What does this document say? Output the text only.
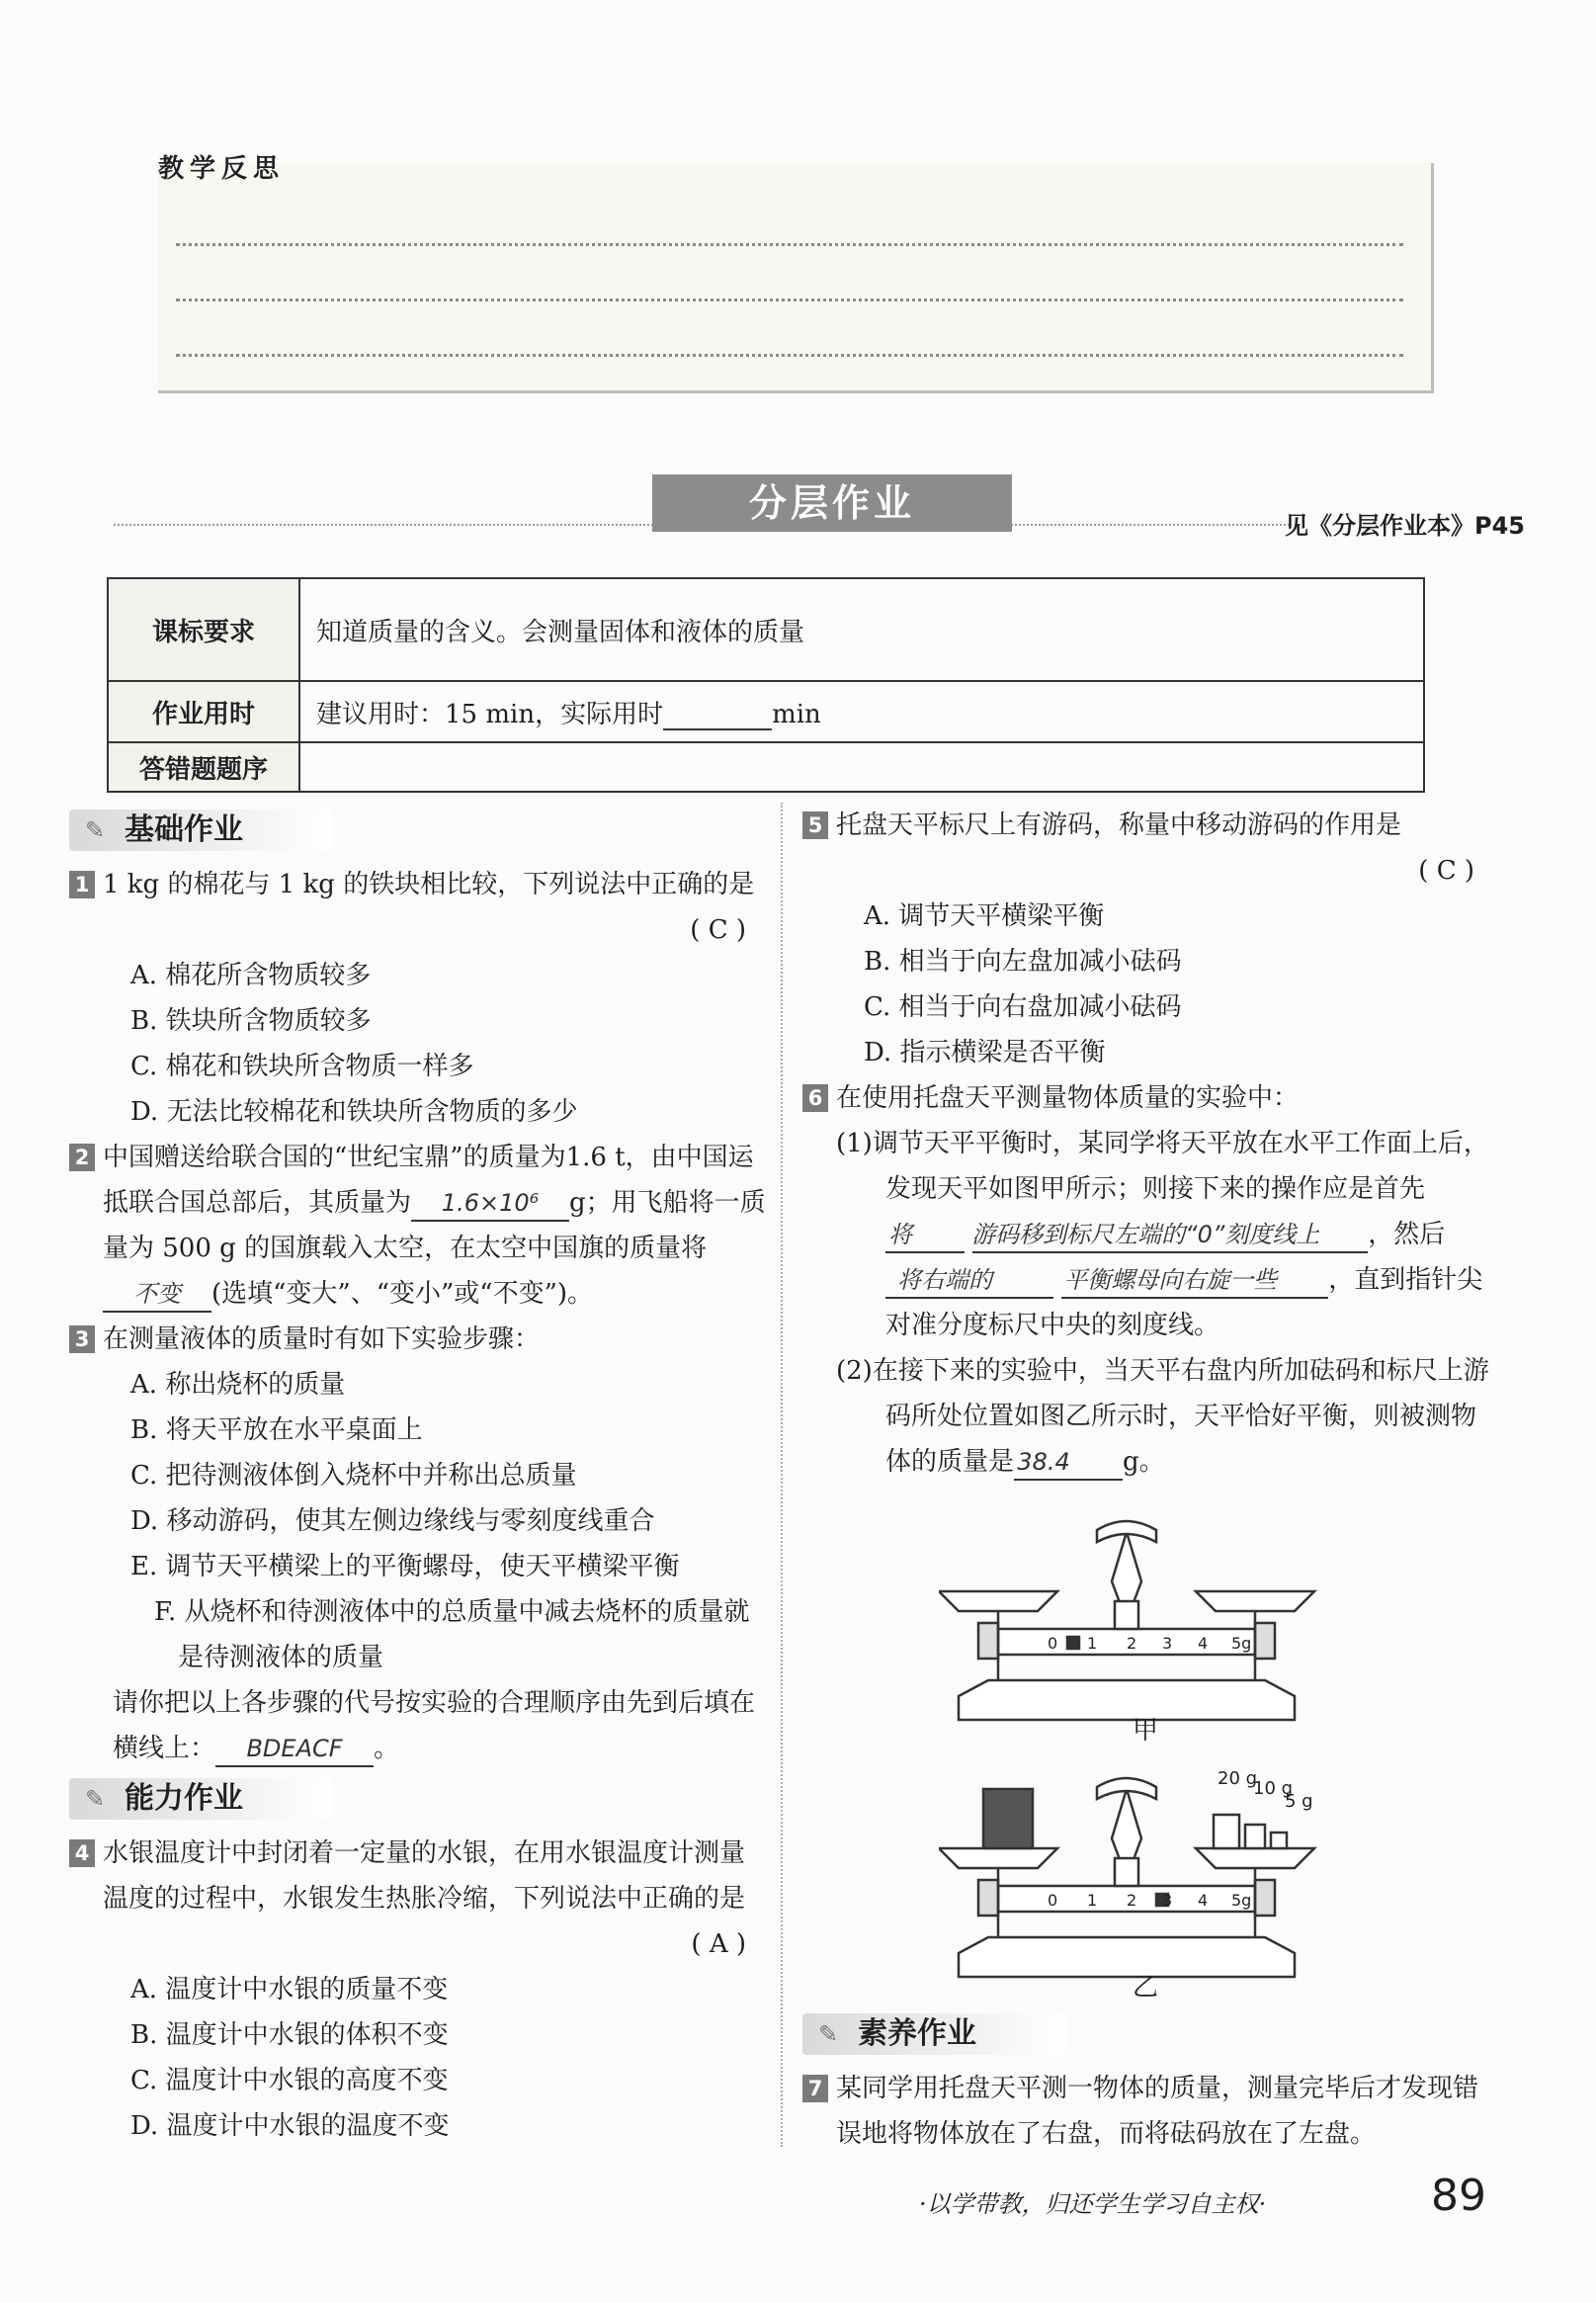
教学反思
分层作业
见《分层作业本》P45
课标要求	知道质量的含义。会测量固体和液体的质量
作业用时	建议用时：15 min，实际用时 min
答错题题序	
✎ 基础作业
1 1 kg 的棉花与 1 kg 的铁块相比较，下列说法中正确的是
( C )
A. 棉花所含物质较多
B. 铁块所含物质较多
C. 棉花和铁块所含物质一样多
D. 无法比较棉花和铁块所含物质的多少
2 中国赠送给联合国的“世纪宝鼎”的质量为1.6 t，由中国运抵联合国总部后，其质量为 1.6×10⁶ g；用飞船将一质量为 500 g 的国旗载入太空，在太空中国旗的质量将不变 (选填“变大”、“变小”或“不变”)。
3 在测量液体的质量时有如下实验步骤：
A. 称出烧杯的质量
B. 将天平放在水平桌面上
C. 把待测液体倒入烧杯中并称出总质量
D. 移动游码，使其左侧边缘线与零刻度线重合
E. 调节天平横梁上的平衡螺母，使天平横梁平衡
F. 从烧杯和待测液体中的总质量中减去烧杯的质量就是待测液体的质量
请你把以上各步骤的代号按实验的合理顺序由先到后填在横线上： BDEACF 。
✎ 能力作业
4 水银温度计中封闭着一定量的水银，在用水银温度计测量温度的过程中，水银发生热胀冷缩，下列说法中正确的是
( A )
A. 温度计中水银的质量不变
B. 温度计中水银的体积不变
C. 温度计中水银的高度不变
D. 温度计中水银的温度不变
5 托盘天平标尺上有游码，称量中移动游码的作用是
( C )
A. 调节天平横梁平衡
B. 相当于向左盘加减小砝码
C. 相当于向右盘加减小砝码
D. 指示横梁是否平衡
6 在使用托盘天平测量物体质量的实验中：
(1)调节天平平衡时，某同学将天平放在水平工作面上后，发现天平如图甲所示；则接下来的操作应是首先将	游码移到标尺左端的“0”刻度线上 ，然后将右端的	平衡螺母向右旋一些 ，直到指针尖对准分度标尺中央的刻度线。
(2)在接下来的实验中，当天平右盘内所加砝码和标尺上游码所处位置如图乙所示时，天平恰好平衡，则被测物体的质量是 38.4 g。
0 1 2 3 4 5g
0 1 2 3 4 5g
20 g
10 g
5 g
甲
乙
✎ 素养作业
7 某同学用托盘天平测一物体的质量，测量完毕后才发现错误地将物体放在了右盘，而将砝码放在了左盘。
·以学带教，归还学生学习自主权·	89
